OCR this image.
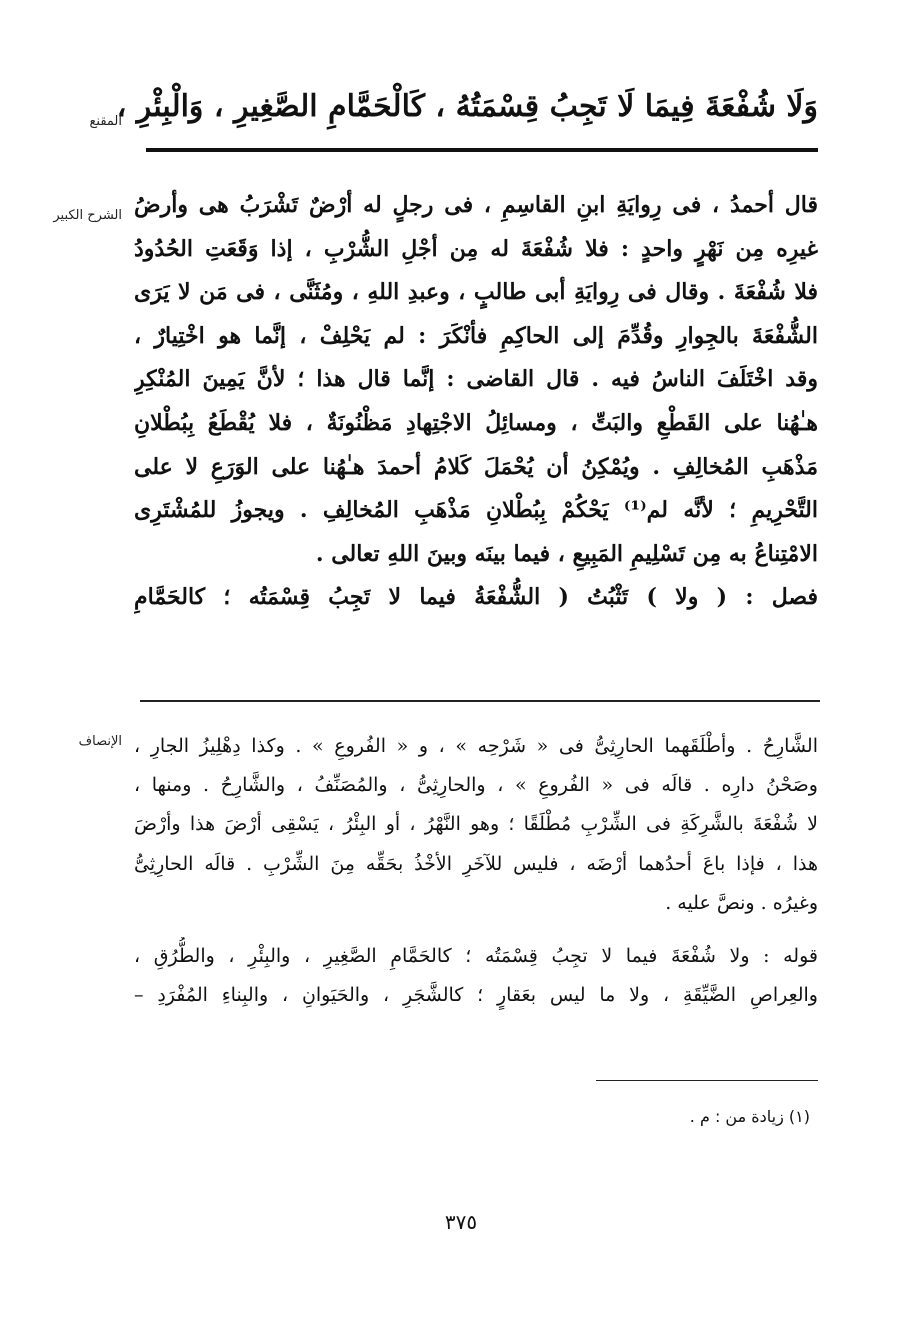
المقنع
وَلَا شُفْعَةَ فِيمَا لَا تَجِبُ قِسْمَتُهُ ، كَالْحَمَّامِ الصَّغِيرِ ، وَالْبِئْرِ ،
الشرح الكبير قال أحمدُ ، فى رِوايَةِ ابنِ القاسِمِ ، فى رجلٍ له أرْضٌ تَشْرَبُ هى وأرضُ
غيرِه مِن نَهْرٍ واحدٍ : فلا شُفْعَةَ له مِن أجْلِ الشُّرْبِ ، إذا وَقَعَتِ الحُدُودُ
فلا شُفْعَةَ . وقال فى رِوايَةِ أبى طالبٍ ، وعبدِ اللهِ ، ومُثَنَّى ، فى مَن لا يَرَى
الشُّفْعَةَ بالجِوارِ وقُدِّمَ إلى الحاكِمِ فأنْكَرَ : لم يَحْلِفْ ، إنَّما هو اخْتِيارٌ ،
وقد اخْتَلَفَ الناسُ فيه . قال القاضى : إنَّما قال هذا ؛ لأنَّ يَمِينَ المُنْكِرِ
هـٰهُنا على القَطْعِ والبَتِّ ، ومسائِلُ الاجْتِهادِ مَظْنُونَةٌ ، فلا يُقْطَعُ بِبُطْلانِ
مَذْهَبِ المُخالِفِ . ويُمْكِنُ أن يُحْمَلَ كَلامُ أحمدَ هـٰهُنا على الوَرَعِ لا على
التَّحْرِيمِ ؛ لأنَّه لم⁽¹⁾ يَحْكُمْ بِبُطْلانِ مَذْهَبِ المُخالِفِ . ويجوزُ للمُشْتَرِى
الامْتِناعُ به مِن تَسْلِيمِ المَبِيعِ ، فيما بينَه وبينَ اللهِ تعالى .
فصل : ( ولا ) تَثْبُتُ ( الشُّفْعَةُ فيما لا تَجِبُ قِسْمَتُه ؛ كالحَمَّامِ
الإنصاف الشَّارِحُ . وأطْلَقَهما الحارِثِىُّ فى « شَرْحِه » ، و « الفُروعِ » . وكذا دِهْلِيزُ الجارِ ،
وصَحْنُ دارِه . قالَه فى « الفُروعِ » ، والحارِثِىُّ ، والمُصَنِّفُ ، والشَّارِحُ . ومنها ،
لا شُفْعَةَ بالشَّرِكَةِ فى الشِّرْبِ مُطْلَقًا ؛ وهو النَّهْرُ ، أو البِئْرُ ، يَسْقِى أرْضَ هذا وأرْضَ
هذا ، فإذا باعَ أحدُهما أرْضَه ، فليس للآخَرِ الأخْذُ بحَقِّه مِنَ الشِّرْبِ . قالَه الحارِثِىُّ
وغيرُه . ونصَّ عليه .
قوله : ولا شُفْعَةَ فيما لا تجِبُ قِسْمَتُه ؛ كالحَمَّامِ الصَّغِيرِ ، والبِئْرِ ، والطُّرُقِ ،
والعِراصِ الضَّيِّقَةِ ، ولا ما ليس بعَقارٍ ؛ كالشَّجَرِ ، والحَيَوانِ ، والبِناءِ المُفْرَدِ –
(١) زيادة من : م .
٣٧٥
